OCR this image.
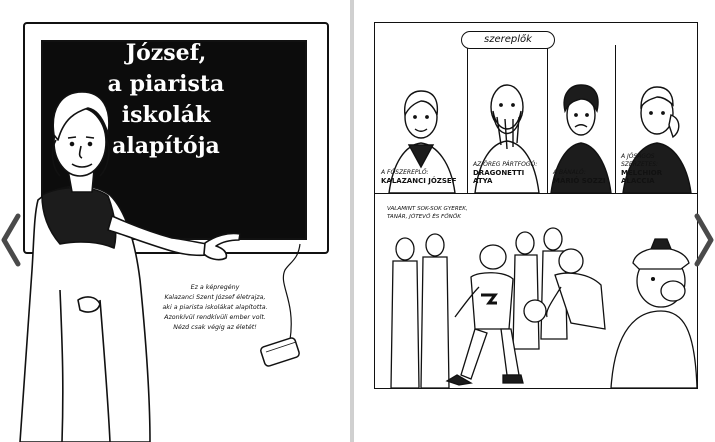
József,
a piarista
iskolák
alapítója

Ez a képregény
Kalazanci Szent József életrajza,
aki a piarista iskolákat alapította.
Azonkívül rendkívüli ember volt.
Nézd csak végig az életét!

szereplők
A FŐSZEREPLŐ:
KALAZANCI JÓZSEF
AZ ÖREG PÁRTFOGÓ:
DRAGONETTI ATYA
A BÁNALÓ:
MÁRIÓ SOZZI
A JÓSÁGOS SZERZETES:
MELCHIOR ALACCIA
VALAMINT SOK-SOK GYEREK,
TANÁR, JÓTEVŐ ÉS FŐNÖK
